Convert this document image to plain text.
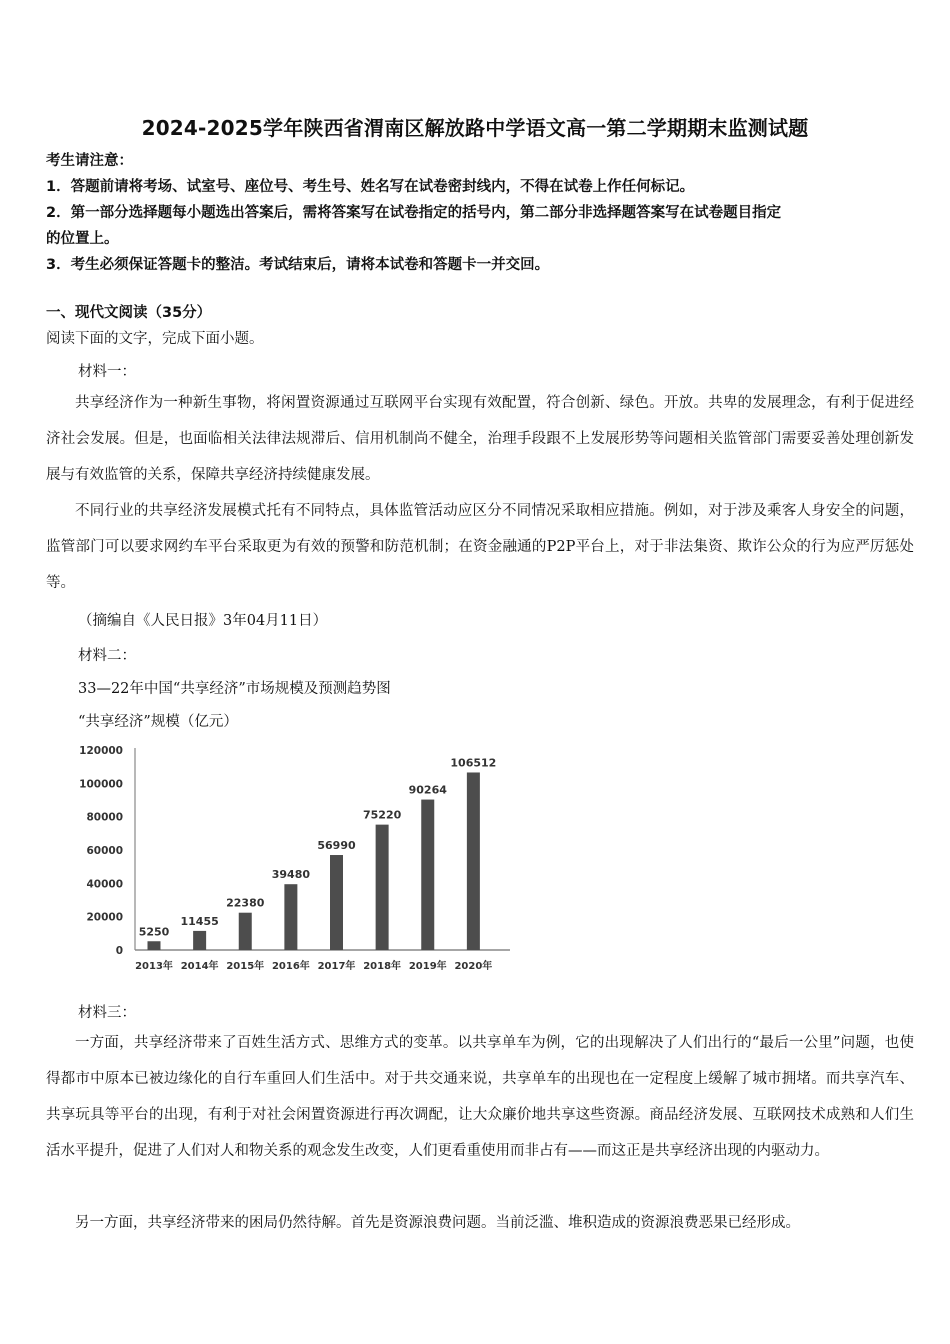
2024-2025学年陕西省渭南区解放路中学语文高一第二学期期末监测试题
考生请注意：
1．答题前请将考场、试室号、座位号、考生号、姓名写在试卷密封线内，不得在试卷上作任何标记。
2．第一部分选择题每小题选出答案后，需将答案写在试卷指定的括号内，第二部分非选择题答案写在试卷题目指定
的位置上。
3．考生必须保证答题卡的整洁。考试结束后，请将本试卷和答题卡一并交回。
一、现代文阅读（35分）
阅读下面的文字，完成下面小题。
材料一：
共享经济作为一种新生事物，将闲置资源通过互联网平台实现有效配置，符合创新、绿色。开放。共卑的发展理念，有利于促进经济社会发展。但是，也面临相关法律法规滞后、信用机制尚不健全，治理手段跟不上发展形势等问题相关监管部门需要妥善处理创新发展与有效监管的关系，保障共享经济持续健康发展。
不同行业的共享经济发展模式托有不同特点，具体监管活动应区分不同情况采取相应措施。例如，对于涉及乘客人身安全的问题，监管部门可以要求网约车平台采取更为有效的预警和防范机制；在资金融通的P2P平台上，对于非法集资、欺诈公众的行为应严厉惩处等。
（摘编自《人民日报》3年04月11日）
材料二：
33—22年中国“共享经济”市场规模及预测趋势图
“共享经济”规模（亿元）
0
20000
40000
60000
80000
100000
120000
5250
11455
22380
39480
56990
75220
90264
106512
2013年 2014年 2015年 2016年 2017年 2018年 2019年 2020年
材料三：
一方面，共享经济带来了百姓生活方式、思维方式的变革。以共享单车为例，它的出现解决了人们出行的“最后一公里”问题，也使得都市中原本已被边缘化的自行车重回人们生活中。对于共交通来说，共享单车的出现也在一定程度上缓解了城市拥堵。而共享汽车、共享玩具等平台的出现，有利于对社会闲置资源进行再次调配，让大众廉价地共享这些资源。商品经济发展、互联网技术成熟和人们生活水平提升，促进了人们对人和物关系的观念发生改变，人们更看重使用而非占有——而这正是共享经济出现的内驱动力。
另一方面，共享经济带来的困局仍然待解。首先是资源浪费问题。当前泛滥、堆积造成的资源浪费恶果已经形成。
